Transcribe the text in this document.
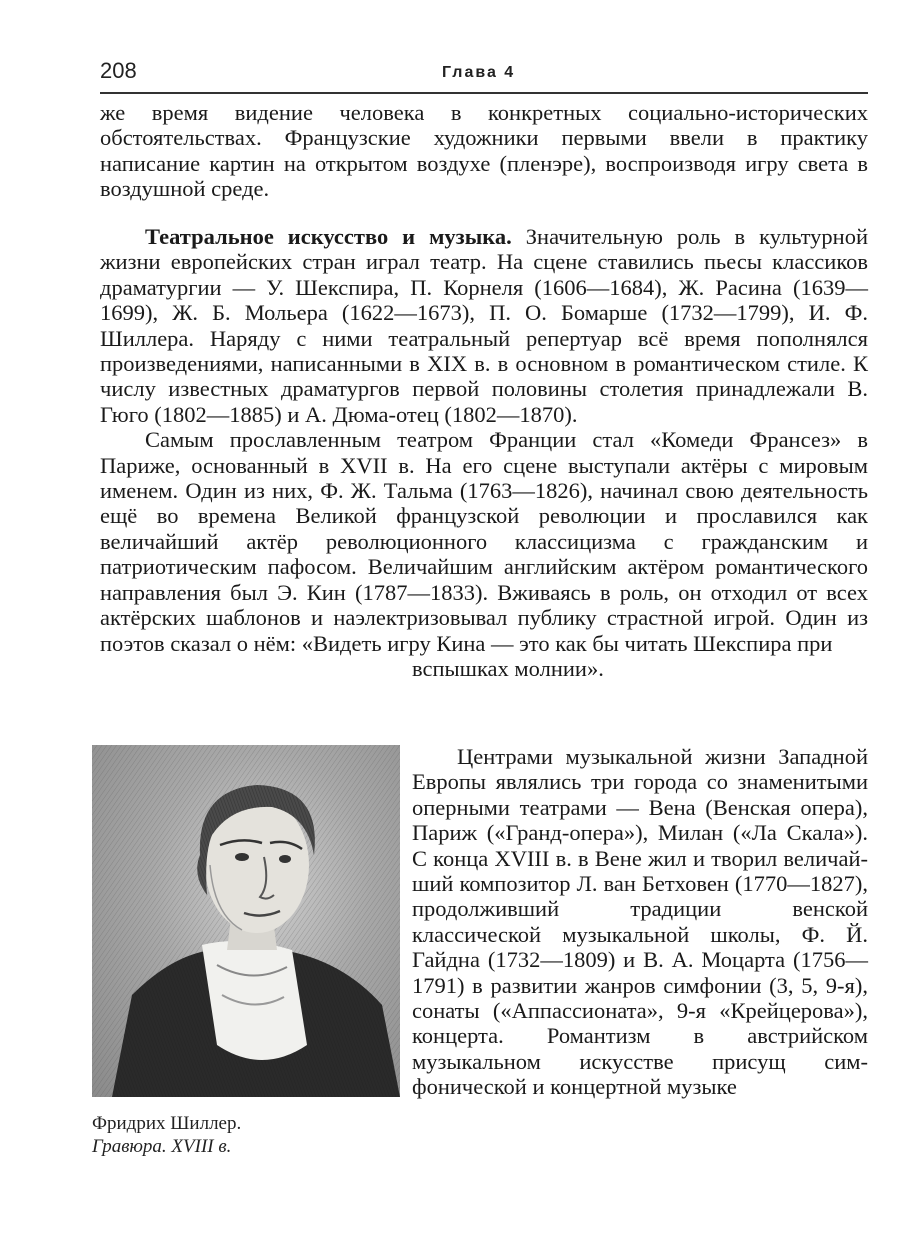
208	Глава 4

же время видение человека в конкретных социально-исторических обстоятельствах. Французские художники первыми ввели в практику написание картин на открытом воздухе (пленэре), воспроизводя игру света в воздушной среде.

Театральное искусство и музыка. Значительную роль в культурной жизни европейских стран играл театр. На сцене ставились пьесы классиков драматургии — У. Шекспира, П. Корнеля (1606—1684), Ж. Расина (1639—1699), Ж. Б. Мольера (1622—1673), П. О. Бомарше (1732—1799), И. Ф. Шиллера. Наряду с ними театральный репертуар всё время пополнялся произведениями, написанными в XIX в. в основном в романтическом стиле. К числу известных драматургов первой половины столетия принадлежали В. Гюго (1802—1885) и А. Дюма-отец (1802—1870).

Самым прославленным театром Франции стал «Комеди Франсез» в Париже, основанный в XVII в. На его сцене выступали актёры с мировым именем. Один из них, Ф. Ж. Тальма (1763—1826), начинал свою деятельность ещё во времена Великой французской революции и прославился как величайший актёр революционного классицизма с гражданским и патриотическим пафосом. Величайшим английским актёром романтического направления был Э. Кин (1787—1833). Вживаясь в роль, он отходил от всех актёрских шаблонов и наэлектризовывал публику страстной игрой. Один из поэтов сказал о нём: «Видеть игру Кина — это как бы читать Шекспира при

вспышках молнии».

Фридрих Шиллер.
Гравюра. XVIII в.

Центрами музыкальной жизни Западной Европы являлись три города со знаменитыми оперными театрами — Вена (Венская опера), Париж («Гранд-опера»), Милан («Ла Скала»). С конца XVIII в. в Вене жил и творил величайший композитор Л. ван Бетховен (1770—1827), продолживший традиции венской классической музыкальной школы, Ф. Й. Гайдна (1732—1809) и В. А. Моцарта (1756—1791) в развитии жанров симфонии (3, 5, 9-я), сонаты («Аппассионата», 9-я «Крейцерова»), концерта. Романтизм в австрийском музыкальном искусстве присущ симфонической и концертной музыке
